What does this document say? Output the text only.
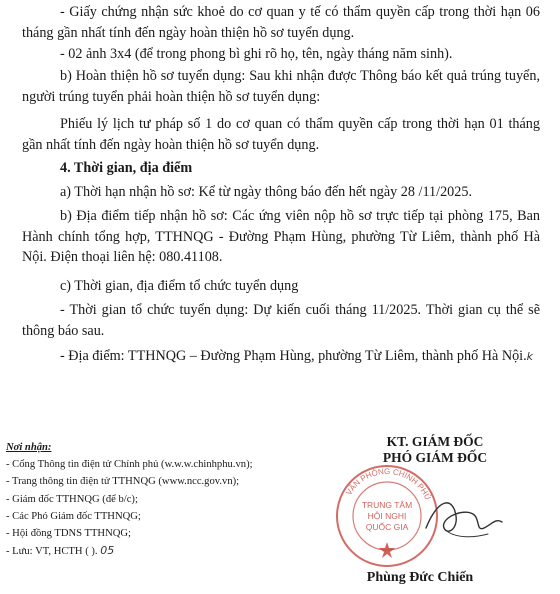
- Giấy chứng nhận sức khoẻ do cơ quan y tế có thẩm quyền cấp trong thời hạn 06 tháng gần nhất tính đến ngày hoàn thiện hồ sơ tuyển dụng.

- 02 ảnh 3x4 (để trong phong bì ghi rõ họ, tên, ngày tháng năm sinh).

b) Hoàn thiện hồ sơ tuyển dụng: Sau khi nhận được Thông báo kết quả trúng tuyển, người trúng tuyển phải hoàn thiện hồ sơ tuyển dụng:

Phiếu lý lịch tư pháp số 1 do cơ quan có thẩm quyền cấp trong thời hạn 01 tháng gần nhất tính đến ngày hoàn thiện hồ sơ tuyển dụng.

4. Thời gian, địa điểm

a) Thời hạn nhận hồ sơ: Kể từ ngày thông báo đến hết ngày 28 /11/2025.

b) Địa điểm tiếp nhận hồ sơ: Các ứng viên nộp hồ sơ trực tiếp tại phòng 175, Ban Hành chính tổng hợp, TTHNQG - Đường Phạm Hùng, phường Từ Liêm, thành phố Hà Nội. Điện thoại liên hệ: 080.41108.

c) Thời gian, địa điểm tổ chức tuyển dụng

- Thời gian tổ chức tuyển dụng: Dự kiến cuối tháng 11/2025. Thời gian cụ thể sẽ thông báo sau.

- Địa điểm: TTHNQG – Đường Phạm Hùng, phường Từ Liêm, thành phố Hà Nội.k

Nơi nhận:
- Cổng Thông tin điện tử Chính phủ (w.w.w.chinhphu.vn);
- Trang thông tin điện tử TTHNQG (www.ncc.gov.vn);
- Giám đốc TTHNQG (để b/c);
- Các Phó Giám đốc TTHNQG;
- Hội đồng TDNS TTHNQG;
- Lưu: VT, HCTH ( ). 05
KT. GIÁM ĐỐC
PHÓ GIÁM ĐỐC
VĂN PHÒNG CHÍNH PHỦ
TRUNG TÂM
HỘI NGHỊ
QUỐC GIA
Phùng Đức Chiến
